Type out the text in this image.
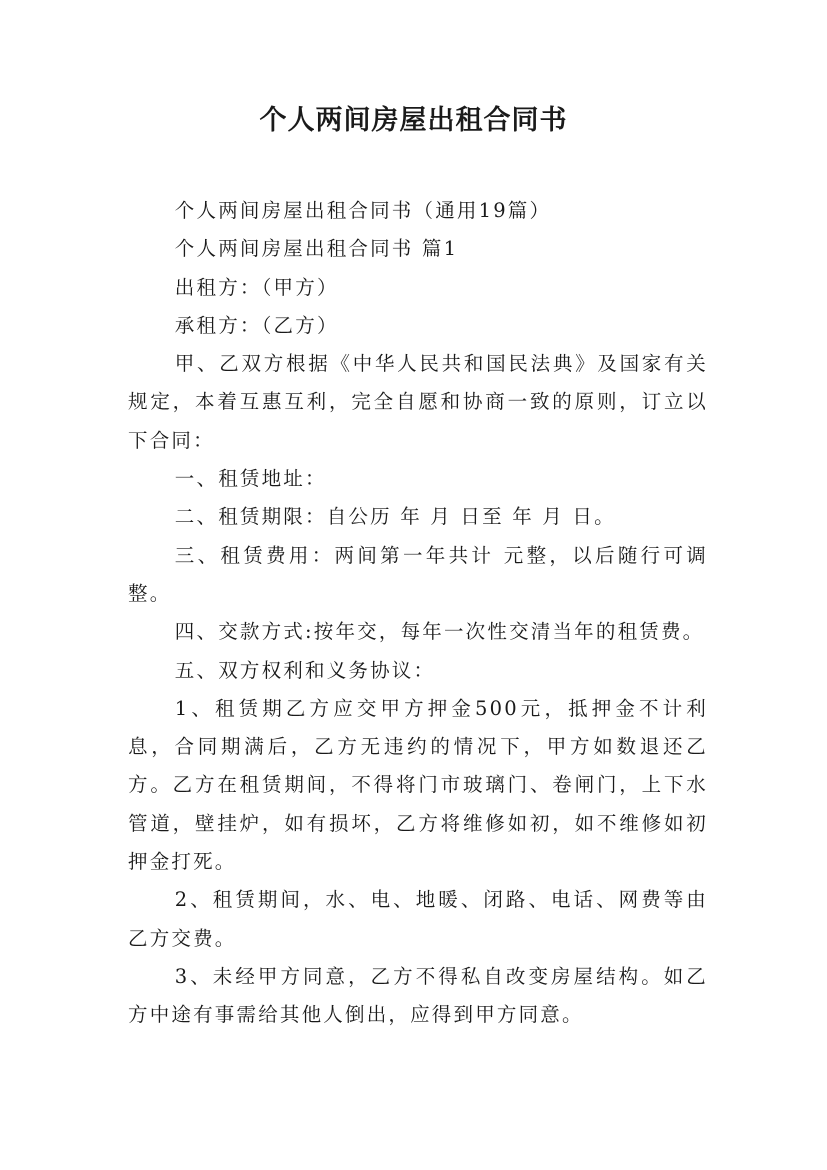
个人两间房屋出租合同书

个人两间房屋出租合同书（通用19篇）

个人两间房屋出租合同书 篇1

出租方：（甲方）

承租方：（乙方）

甲、乙双方根据《中华人民共和国民法典》及国家有关规定，本着互惠互利，完全自愿和协商一致的原则，订立以下合同：

一、租赁地址：

二、租赁期限：自公历 年 月 日至 年 月 日。

三、租赁费用：两间第一年共计 元整，以后随行可调整。

四、交款方式:按年交，每年一次性交清当年的租赁费。

五、双方权利和义务协议：

1、租赁期乙方应交甲方押金500元，抵押金不计利息，合同期满后，乙方无违约的情况下，甲方如数退还乙方。乙方在租赁期间，不得将门市玻璃门、卷闸门，上下水管道，壁挂炉，如有损坏，乙方将维修如初，如不维修如初押金打死。

2、租赁期间，水、电、地暖、闭路、电话、网费等由乙方交费。

3、未经甲方同意，乙方不得私自改变房屋结构。如乙方中途有事需给其他人倒出，应得到甲方同意。
